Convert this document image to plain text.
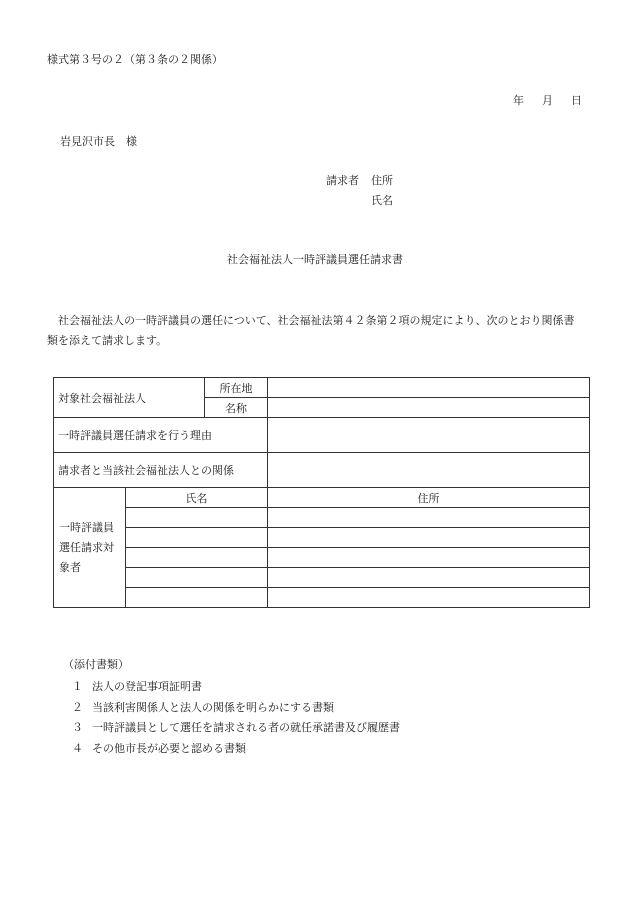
様式第３号の２（第３条の２関係）
年 月 日
岩見沢市長　様
請求者 住所
氏名
社会福祉法人一時評議員選任請求書
社会福祉法人の一時評議員の選任について、社会福祉法第４２条第２項の規定により、次のとおり関係書類を添えて請求します。
対象社会福祉法人		所在地	
		名称	
一時評議員選任請求を行う理由			
請求者と当該社会福祉法人との関係			
一時評議員選任請求対象者	氏名		住所

（添付書類）
１ 法人の登記事項証明書
２ 当該利害関係人と法人の関係を明らかにする書類
３ 一時評議員として選任を請求される者の就任承諾書及び履歴書
４ その他市長が必要と認める書類
